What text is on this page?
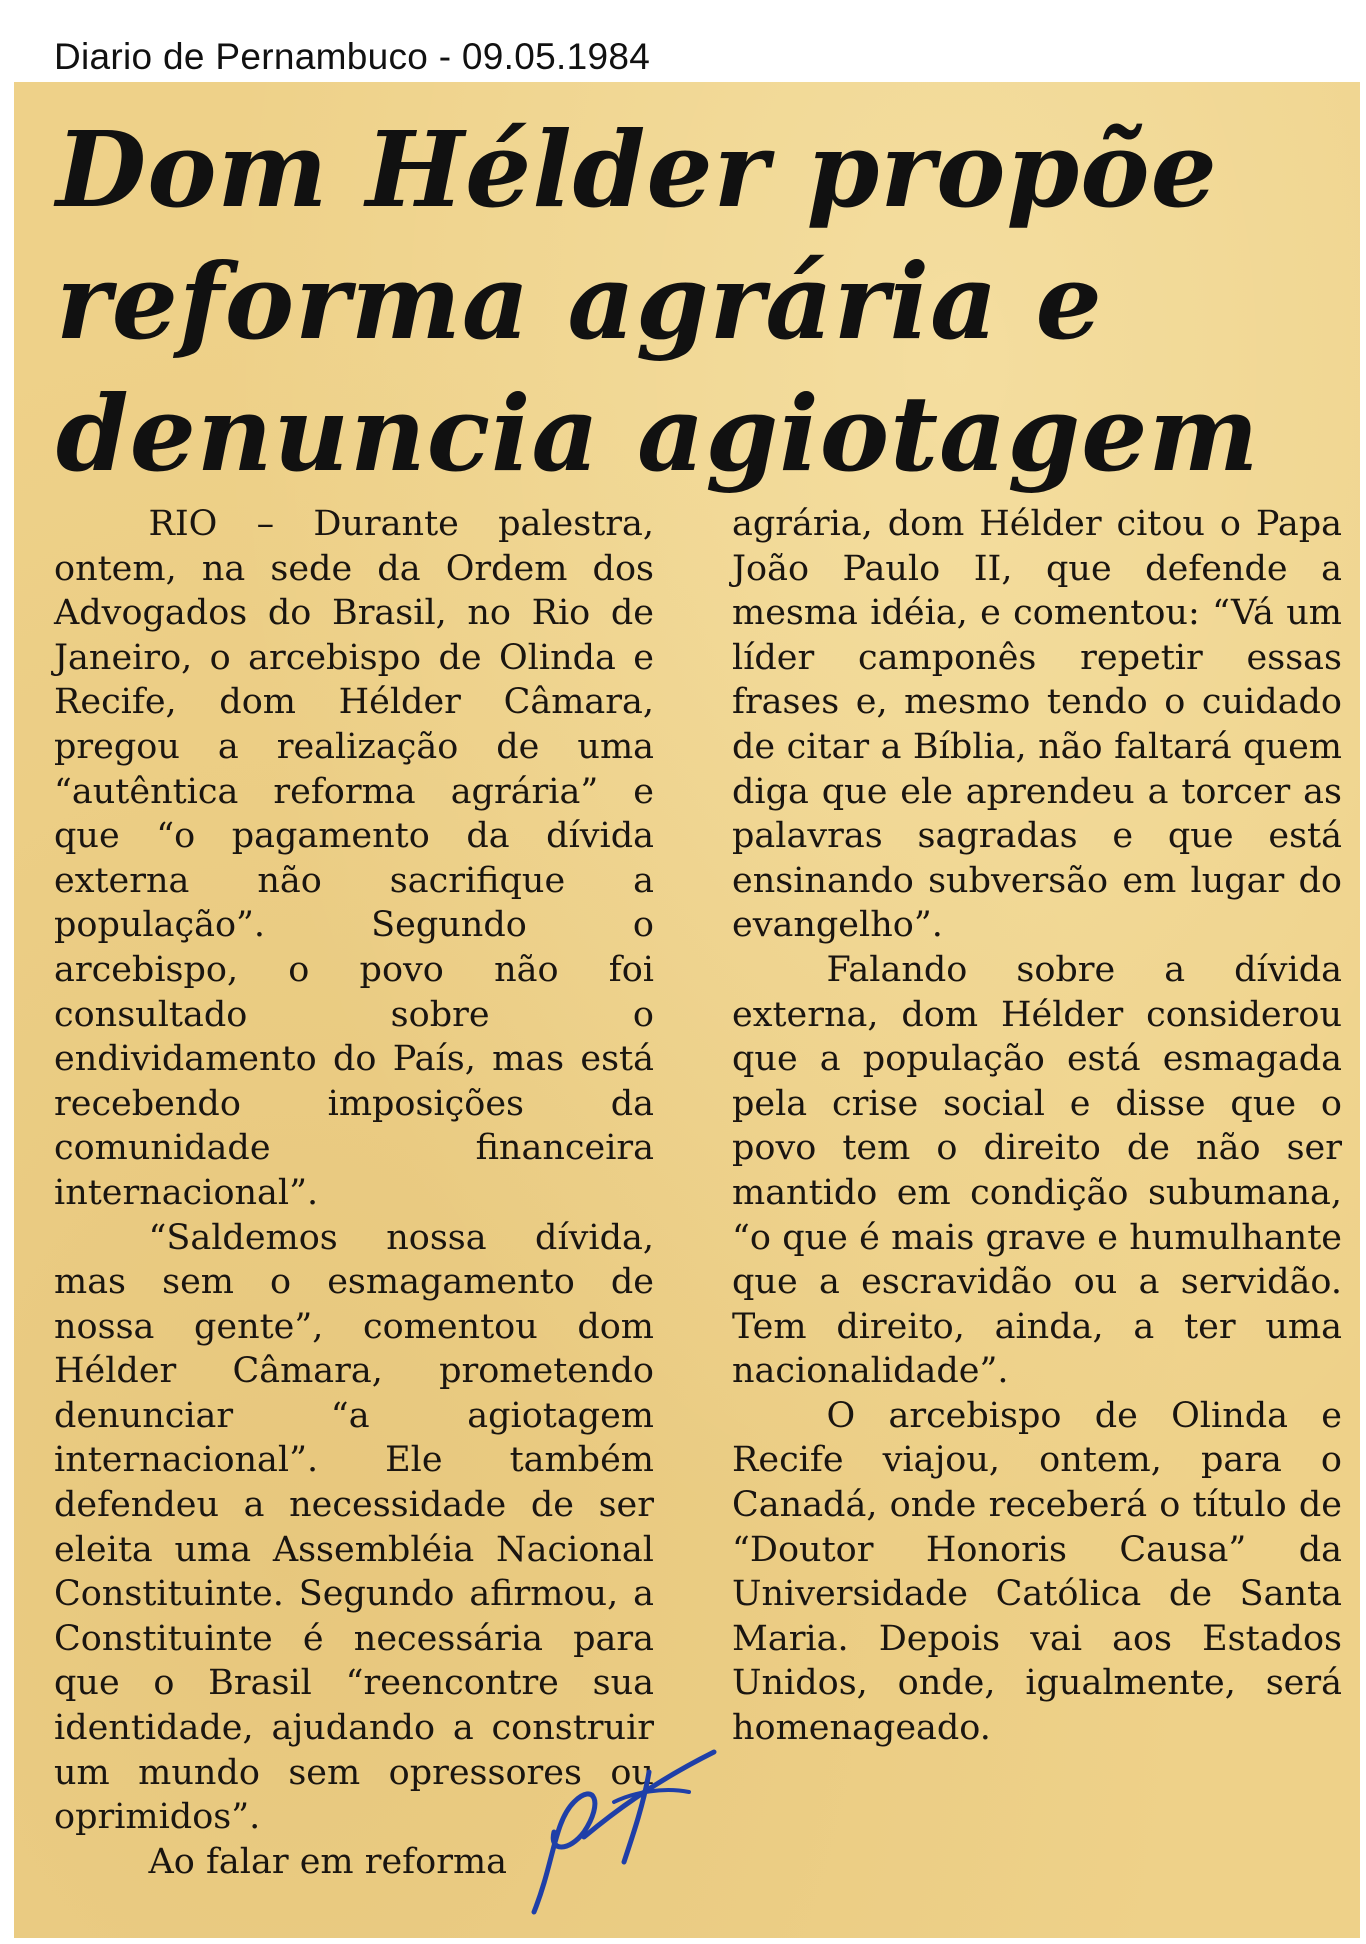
Diario de Pernambuco - 09.05.1984
Dom Hélder propõe
reforma agrária e
denuncia agiotagem

RIO – Durante palestra, ontem, na sede da Ordem dos Advogados do Brasil, no Rio de Janeiro, o arcebispo de Olinda e Recife, dom Hélder Câmara, pregou a realização de uma “autêntica reforma agrária” e que “o pagamento da dívida externa não sacrifique a população”. Segundo o arcebispo, o povo não foi consultado sobre o endividamento do País, mas está recebendo imposições da comunidade financeira internacional”.

“Saldemos nossa dívida, mas sem o esmagamento de nossa gente”, comentou dom Hélder Câmara, prometendo denunciar “a agiotagem internacional”. Ele também defendeu a necessidade de ser eleita uma Assembléia Nacional Constituinte. Segundo afirmou, a Constituinte é necessária para que o Brasil “reencontre sua identidade, ajudando a construir um mundo sem opressores ou oprimidos”.

Ao falar em reforma

agrária, dom Hélder citou o Papa João Paulo II, que defende a mesma idéia, e comentou: “Vá um líder camponês repetir essas frases e, mesmo tendo o cuidado de citar a Bíblia, não faltará quem diga que ele aprendeu a torcer as palavras sagradas e que está ensinando subversão em lugar do evangelho”.

Falando sobre a dívida externa, dom Hélder considerou que a população está esmagada pela crise social e disse que o povo tem o direito de não ser mantido em condição subumana, “o que é mais grave e humulhante que a escravidão ou a servidão. Tem direito, ainda, a ter uma nacionalidade”.

O arcebispo de Olinda e Recife viajou, ontem, para o Canadá, onde receberá o título de “Doutor Honoris Causa” da Universidade Católica de Santa Maria. Depois vai aos Estados Unidos, onde, igualmente, será homenageado.
